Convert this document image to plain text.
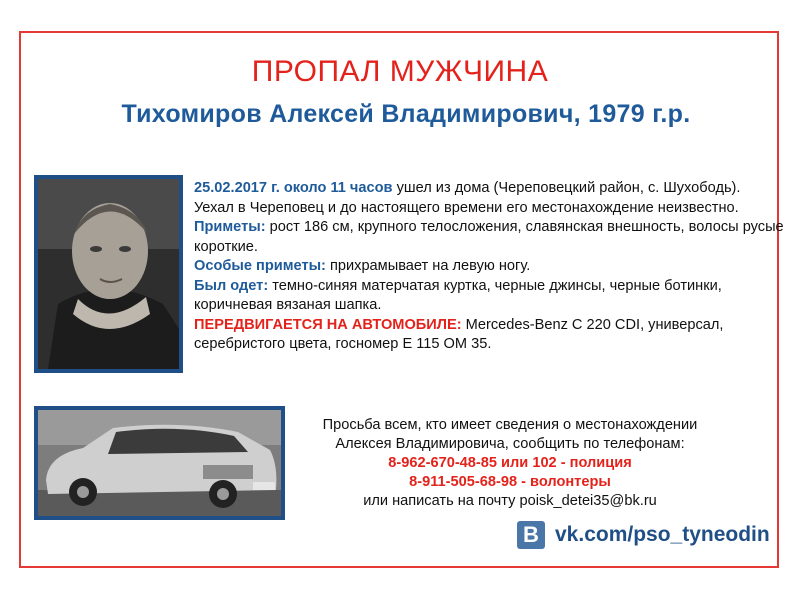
ПРОПАЛ МУЖЧИНА
Тихомиров Алексей Владимирович, 1979 г.р.

25.02.2017 г. около 11 часов ушел из дома (Череповецкий район, с. Шухободь). Уехал в Череповец и до настоящего времени его местонахождение неизвестно.

Приметы: рост 186 см, крупного телосложения, славянская внешность, волосы русые короткие.

Особые приметы: прихрамывает на левую ногу.

Был одет: темно-синяя матерчатая куртка, черные джинсы, черные ботинки, коричневая вязаная шапка.

ПЕРЕДВИГАЕТСЯ НА АВТОМОБИЛЕ: Mercedes-Benz C 220 CDI, универсал, серебристого цвета, госномер Е 115 ОМ 35.

Просьба всем, кто имеет сведения о местонахождении
Алексея Владимировича, сообщить по телефонам:
8-962-670-48-85 или 102 - полиция
8-911-505-68-98 - волонтеры
или написать на почту poisk_detei35@bk.ru
B vk.com/pso_tyneodin
